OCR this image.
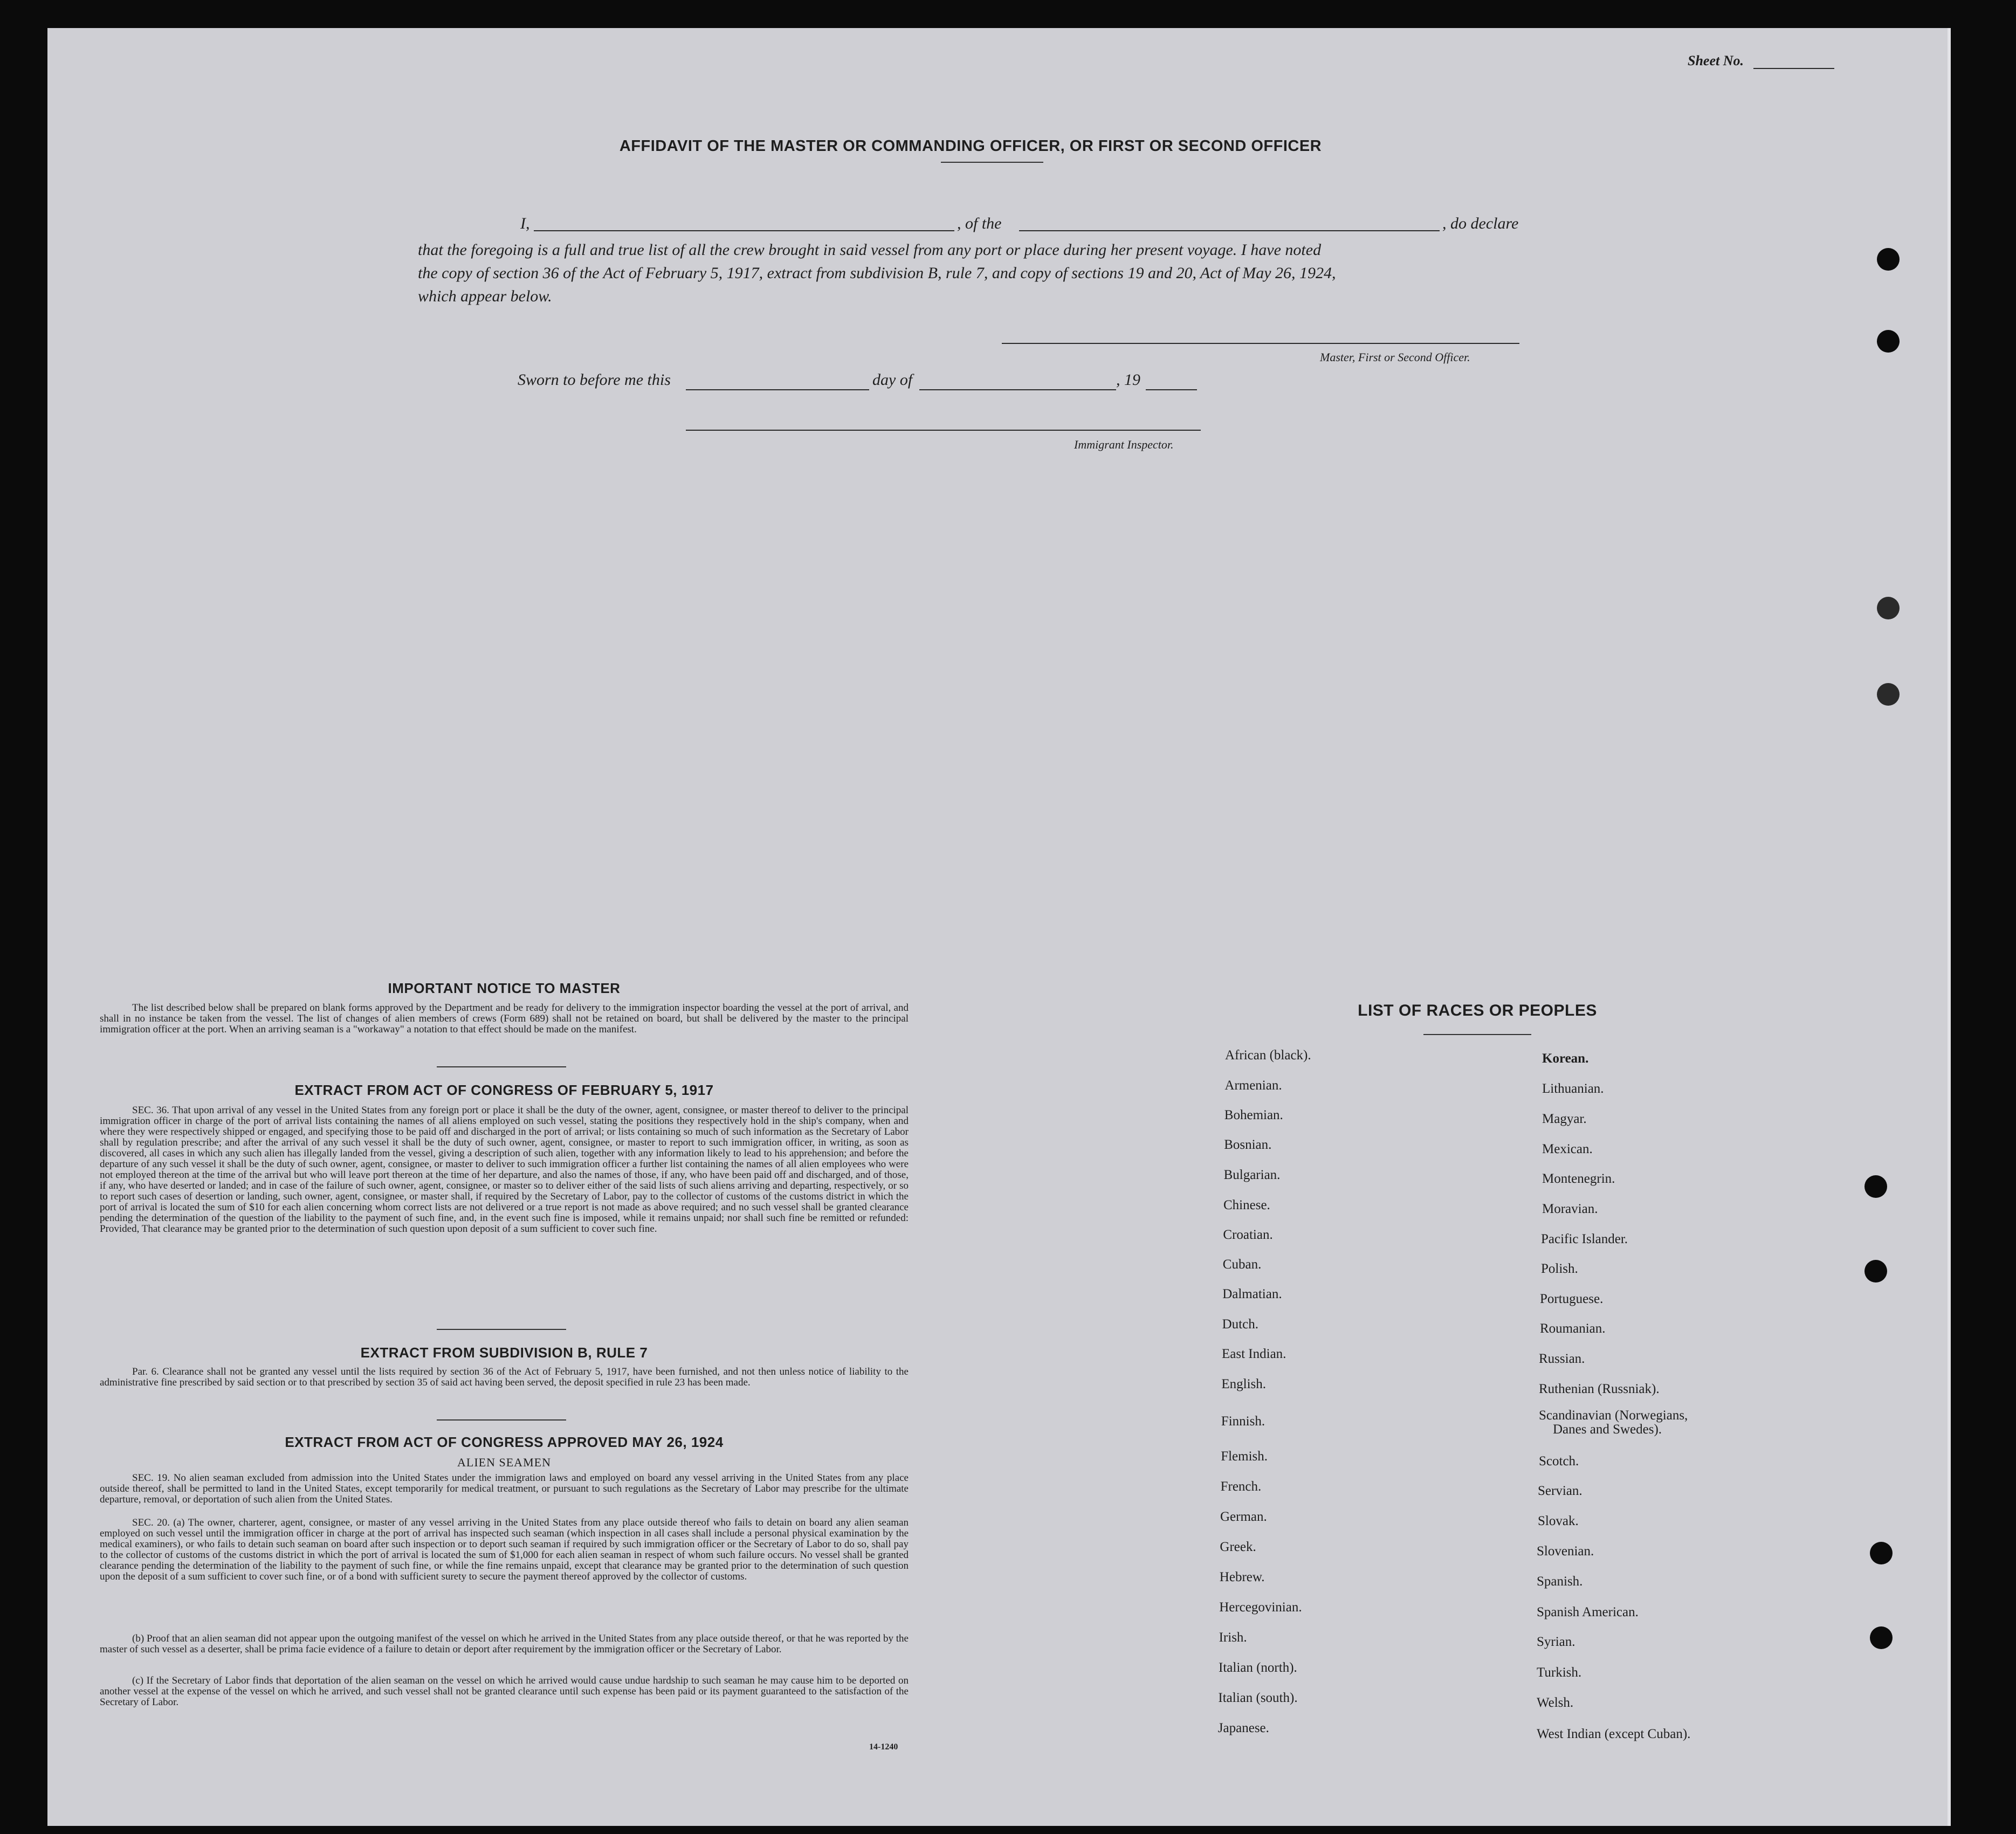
Sheet No.
AFFIDAVIT OF THE MASTER OR COMMANDING OFFICER, OR FIRST OR SECOND OFFICER
I,	, of the	, do declare
that the foregoing is a full and true list of all the crew brought in said vessel from any port or place during her present voyage. I have noted
the copy of section 36 of the Act of February 5, 1917, extract from subdivision B, rule 7, and copy of sections 19 and 20, Act of May 26, 1924,
which appear below.
Master, First or Second Officer.
Sworn to before me this	day of	, 19
Immigrant Inspector.
IMPORTANT NOTICE TO MASTER
The list described below shall be prepared on blank forms approved by the Department and be ready for delivery to the immigration inspector boarding the vessel at the port of arrival, and shall in no instance be taken from the vessel. The list of changes of alien members of crews (Form 689) shall not be retained on board, but shall be delivered by the master to the principal immigration officer at the port. When an arriving seaman is a "workaway" a notation to that effect should be made on the manifest.
EXTRACT FROM ACT OF CONGRESS OF FEBRUARY 5, 1917
SEC. 36. That upon arrival of any vessel in the United States from any foreign port or place it shall be the duty of the owner, agent, consignee, or master thereof to deliver to the principal immigration officer in charge of the port of arrival lists containing the names of all aliens employed on such vessel, stating the positions they respectively hold in the ship's company, when and where they were respectively shipped or engaged, and specifying those to be paid off and discharged in the port of arrival; or lists containing so much of such information as the Secretary of Labor shall by regulation prescribe; and after the arrival of any such vessel it shall be the duty of such owner, agent, consignee, or master to report to such immigration officer, in writing, as soon as discovered, all cases in which any such alien has illegally landed from the vessel, giving a description of such alien, together with any information likely to lead to his apprehension; and before the departure of any such vessel it shall be the duty of such owner, agent, consignee, or master to deliver to such immigration officer a further list containing the names of all alien employees who were not employed thereon at the time of the arrival but who will leave port thereon at the time of her departure, and also the names of those, if any, who have been paid off and discharged, and of those, if any, who have deserted or landed; and in case of the failure of such owner, agent, consignee, or master so to deliver either of the said lists of such aliens arriving and departing, respectively, or so to report such cases of desertion or landing, such owner, agent, consignee, or master shall, if required by the Secretary of Labor, pay to the collector of customs of the customs district in which the port of arrival is located the sum of $10 for each alien concerning whom correct lists are not delivered or a true report is not made as above required; and no such vessel shall be granted clearance pending the determination of the question of the liability to the payment of such fine, and, in the event such fine is imposed, while it remains unpaid; nor shall such fine be remitted or refunded: Provided, That clearance may be granted prior to the determination of such question upon deposit of a sum sufficient to cover such fine.
EXTRACT FROM SUBDIVISION B, RULE 7
Par. 6. Clearance shall not be granted any vessel until the lists required by section 36 of the Act of February 5, 1917, have been furnished, and not then unless notice of liability to the administrative fine prescribed by said section or to that prescribed by section 35 of said act having been served, the deposit specified in rule 23 has been made.
EXTRACT FROM ACT OF CONGRESS APPROVED MAY 26, 1924
ALIEN SEAMEN
SEC. 19. No alien seaman excluded from admission into the United States under the immigration laws and employed on board any vessel arriving in the United States from any place outside thereof, shall be permitted to land in the United States, except temporarily for medical treatment, or pursuant to such regulations as the Secretary of Labor may prescribe for the ultimate departure, removal, or deportation of such alien from the United States.
SEC. 20. (a) The owner, charterer, agent, consignee, or master of any vessel arriving in the United States from any place outside thereof who fails to detain on board any alien seaman employed on such vessel until the immigration officer in charge at the port of arrival has inspected such seaman (which inspection in all cases shall include a personal physical examination by the medical examiners), or who fails to detain such seaman on board after such inspection or to deport such seaman if required by such immigration officer or the Secretary of Labor to do so, shall pay to the collector of customs of the customs district in which the port of arrival is located the sum of $1,000 for each alien seaman in respect of whom such failure occurs. No vessel shall be granted clearance pending the determination of the liability to the payment of such fine, or while the fine remains unpaid, except that clearance may be granted prior to the determination of such question upon the deposit of a sum sufficient to cover such fine, or of a bond with sufficient surety to secure the payment thereof approved by the collector of customs.
(b) Proof that an alien seaman did not appear upon the outgoing manifest of the vessel on which he arrived in the United States from any place outside thereof, or that he was reported by the master of such vessel as a deserter, shall be prima facie evidence of a failure to detain or deport after requirement by the immigration officer or the Secretary of Labor.
(c) If the Secretary of Labor finds that deportation of the alien seaman on the vessel on which he arrived would cause undue hardship to such seaman he may cause him to be deported on another vessel at the expense of the vessel on which he arrived, and such vessel shall not be granted clearance until such expense has been paid or its payment guaranteed to the satisfaction of the Secretary of Labor.
14-1240
LIST OF RACES OR PEOPLES
African (black).
Armenian.
Bohemian.
Bosnian.
Bulgarian.
Chinese.
Croatian.
Cuban.
Dalmatian.
Dutch.
East Indian.
English.
Finnish.
Flemish.
French.
German.
Greek.
Hebrew.
Hercegovinian.
Irish.
Italian (north).
Italian (south).
Japanese.
Korean.
Lithuanian.
Magyar.
Mexican.
Montenegrin.
Moravian.
Pacific Islander.
Polish.
Portuguese.
Roumanian.
Russian.
Ruthenian (Russniak).
Scandinavian (Norwegians,
Danes and Swedes).
Scotch.
Servian.
Slovak.
Slovenian.
Spanish.
Spanish American.
Syrian.
Turkish.
Welsh.
West Indian (except Cuban).
